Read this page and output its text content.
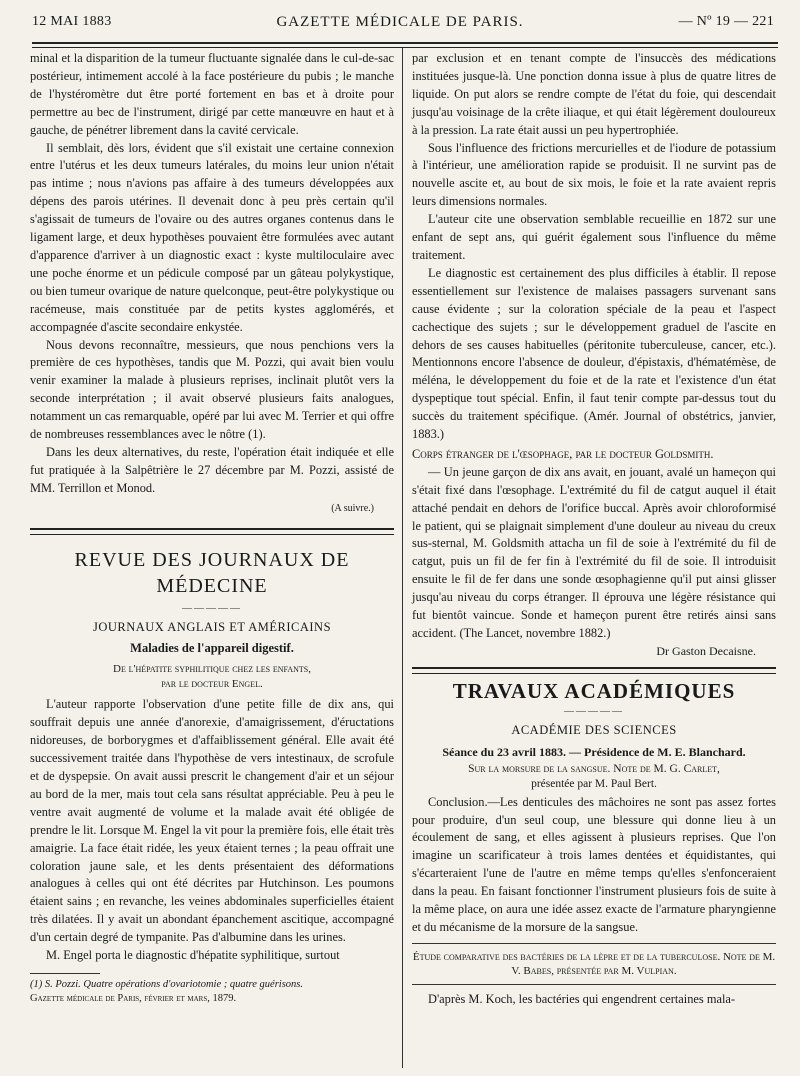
12 MAI 1883	GAZETTE MÉDICALE DE PARIS.	— Nº 19 — 221

minal et la disparition de la tumeur fluctuante signalée dans le cul-de-sac postérieur, intimement accolé à la face postérieure du pubis ; le manche de l'hystéromètre dut être porté fortement en bas et à droite pour permettre au bec de l'instrument, dirigé par cette manœuvre en haut et à gauche, de pénétrer librement dans la cavité cervicale.

Il semblait, dès lors, évident que s'il existait une certaine connexion entre l'utérus et les deux tumeurs latérales, du moins leur union n'était pas intime ; nous n'avions pas affaire à des tumeurs développées aux dépens des parois utérines. Il devenait donc à peu près certain qu'il s'agissait de tumeurs de l'ovaire ou des autres organes contenus dans le ligament large, et deux hypothèses pouvaient être formulées avec autant d'apparence d'arriver à un diagnostic exact : kyste multiloculaire avec une poche énorme et un pédicule composé par un gâteau polykystique, ou bien tumeur ovarique de nature quelconque, peut-être polykystique ou racémeuse, mais constituée par de petits kystes agglomérés, et accompagnée d'ascite secondaire enkystée.

Nous devons reconnaître, messieurs, que nous penchions vers la première de ces hypothèses, tandis que M. Pozzi, qui avait bien voulu venir examiner la malade à plusieurs reprises, inclinait plutôt vers la seconde interprétation ; il avait observé plusieurs faits analogues, notamment un cas remarquable, opéré par lui avec M. Terrier et qui offre de nombreuses ressemblances avec le nôtre (1).

Dans les deux alternatives, du reste, l'opération était indiquée et elle fut pratiquée à la Salpêtrière le 27 décembre par M. Pozzi, assisté de MM. Terrillon et Monod.

(A suivre.)
REVUE DES JOURNAUX DE MÉDECINE
—————
JOURNAUX ANGLAIS ET AMÉRICAINS
Maladies de l'appareil digestif.
De l'hépatite syphilitique chez les enfants,
par le docteur Engel.

L'auteur rapporte l'observation d'une petite fille de dix ans, qui souffrait depuis une année d'anorexie, d'amaigrissement, d'éructations nidoreuses, de borborygmes et d'affaiblissement général. Elle avait été successivement traitée dans l'hypothèse de vers intestinaux, de scrofule et de dyspepsie. On avait aussi prescrit le changement d'air et un séjour au bord de la mer, mais tout cela sans résultat appréciable. Peu à peu le ventre avait augmenté de volume et la malade avait été obligée de prendre le lit. Lorsque M. Engel la vit pour la première fois, elle était très amaigrie. La face était ridée, les yeux étaient ternes ; la peau offrait une coloration jaune sale, et les dents présentaient des déformations analogues à celles qui ont été décrites par Hutchinson. Les poumons étaient sains ; en revanche, les veines abdominales superficielles étaient très dilatées. Il y avait un abondant épanchement ascitique, accompagné d'un certain degré de tympanite. Pas d'albumine dans les urines.

M. Engel porta le diagnostic d'hépatite syphilitique, surtout

(1) S. Pozzi. Quatre opérations d'ovariotomie ; quatre guérisons.
Gazette médicale de Paris, février et mars, 1879.

par exclusion et en tenant compte de l'insuccès des médications instituées jusque-là. Une ponction donna issue à plus de quatre litres de liquide. On put alors se rendre compte de l'état du foie, qui descendait jusqu'au voisinage de la crête iliaque, et qui était légèrement douloureux à la pression. La rate était aussi un peu hypertrophiée.

Sous l'influence des frictions mercurielles et de l'iodure de potassium à l'intérieur, une amélioration rapide se produisit. Il ne survint pas de nouvelle ascite et, au bout de six mois, le foie et la rate avaient repris leurs dimensions normales.

L'auteur cite une observation semblable recueillie en 1872 sur une enfant de sept ans, qui guérit également sous l'influence du même traitement.

Le diagnostic est certainement des plus difficiles à établir. Il repose essentiellement sur l'existence de malaises passagers survenant sans cause évidente ; sur la coloration spéciale de la peau et l'aspect cachectique des sujets ; sur le développement graduel de l'ascite en dehors de ses causes habituelles (péritonite tuberculeuse, cancer, etc.). Mentionnons encore l'absence de douleur, d'épistaxis, d'hématémèse, de méléna, le développement du foie et de la rate et l'existence d'un état dyspeptique tout spécial. Enfin, il faut tenir compte par-dessus tout du succès du traitement spécifique. (Amér. Journal of obstétrics, janvier, 1883.)

Corps étranger de l'œsophage, par le docteur Goldsmith.

— Un jeune garçon de dix ans avait, en jouant, avalé un hameçon qui s'était fixé dans l'œsophage. L'extrémité du fil de catgut auquel il était attaché pendait en dehors de l'orifice buccal. Après avoir chloroformisé le patient, qui se plaignait simplement d'une douleur au niveau du creux sus-sternal, M. Goldsmith attacha un fil de soie à l'extrémité du fil de catgut, puis un fil de fer fin à l'extrémité du fil de soie. Il introduisit ensuite le fil de fer dans une sonde œsophagienne qu'il put ainsi glisser jusqu'au niveau du corps étranger. Il éprouva une légère résistance qui fut bientôt vaincue. Sonde et hameçon purent être retirés ainsi sans accident. (The Lancet, novembre 1882.)

Dr Gaston Decaisne.
TRAVAUX ACADÉMIQUES
—————
ACADÉMIE DES SCIENCES
Séance du 23 avril 1883. — Présidence de M. E. Blanchard.
Sur la morsure de la sangsue. Note de M. G. Carlet,
présentée par M. Paul Bert.

Conclusion.—Les denticules des mâchoires ne sont pas assez fortes pour produire, d'un seul coup, une blessure qui donne lieu à un écoulement de sang, et elles agissent à plusieurs reprises. Que l'on imagine un scarificateur à trois lames dentées et équidistantes, qui s'écarteraient l'une de l'autre en même temps qu'elles s'enfonceraient dans la peau. En faisant fonctionner l'instrument plusieurs fois de suite à la même place, on aura une idée assez exacte de l'armature pharyngienne et du mécanisme de la morsure de la sangsue.

Étude comparative des bactéries de la lèpre et de la tuberculose. Note de M. V. Babes, présentée par M. Vulpian.

D'après M. Koch, les bactéries qui engendrent certaines mala-
